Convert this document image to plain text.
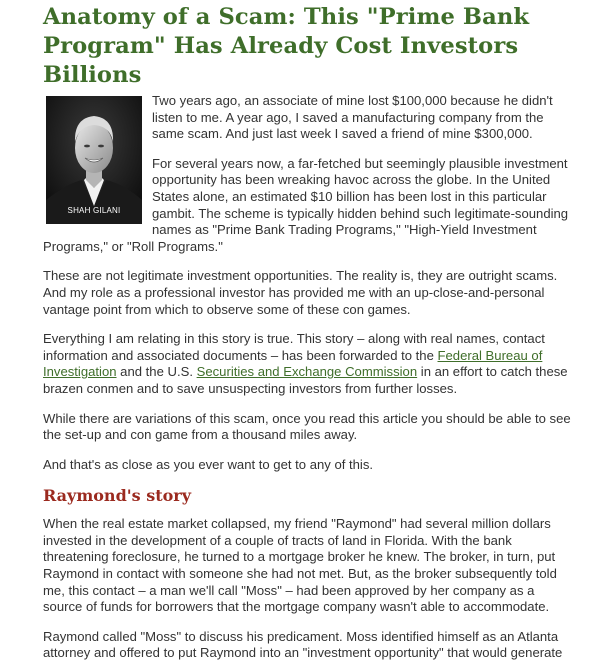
Anatomy of a Scam: This "Prime Bank Program" Has Already Cost Investors Billions
SHAH GILANI

Two years ago, an associate of mine lost $100,000 because he didn't listen to me. A year ago, I saved a manufacturing company from the same scam. And just last week I saved a friend of mine $300,000.

For several years now, a far-fetched but seemingly plausible investment opportunity has been wreaking havoc across the globe. In the United States alone, an estimated $10 billion has been lost in this particular gambit. The scheme is typically hidden behind such legitimate-sounding names as "Prime Bank Trading Programs," "High-Yield Investment Programs," or "Roll Programs."

These are not legitimate investment opportunities. The reality is, they are outright scams. And my role as a professional investor has provided me with an up-close-and-personal vantage point from which to observe some of these con games.

Everything I am relating in this story is true. This story – along with real names, contact information and associated documents – has been forwarded to the Federal Bureau of Investigation and the U.S. Securities and Exchange Commission in an effort to catch these brazen conmen and to save unsuspecting investors from further losses.

While there are variations of this scam, once you read this article you should be able to see the set-up and con game from a thousand miles away.

And that's as close as you ever want to get to any of this.

Raymond's story

When the real estate market collapsed, my friend "Raymond" had several million dollars invested in the development of a couple of tracts of land in Florida. With the bank threatening foreclosure, he turned to a mortgage broker he knew. The broker, in turn, put Raymond in contact with someone she had not met. But, as the broker subsequently told me, this contact – a man we'll call "Moss" – had been approved by her company as a source of funds for borrowers that the mortgage company wasn't able to accommodate.

Raymond called "Moss" to discuss his predicament. Moss identified himself as an Atlanta attorney and offered to put Raymond into an "investment opportunity" that would generate
